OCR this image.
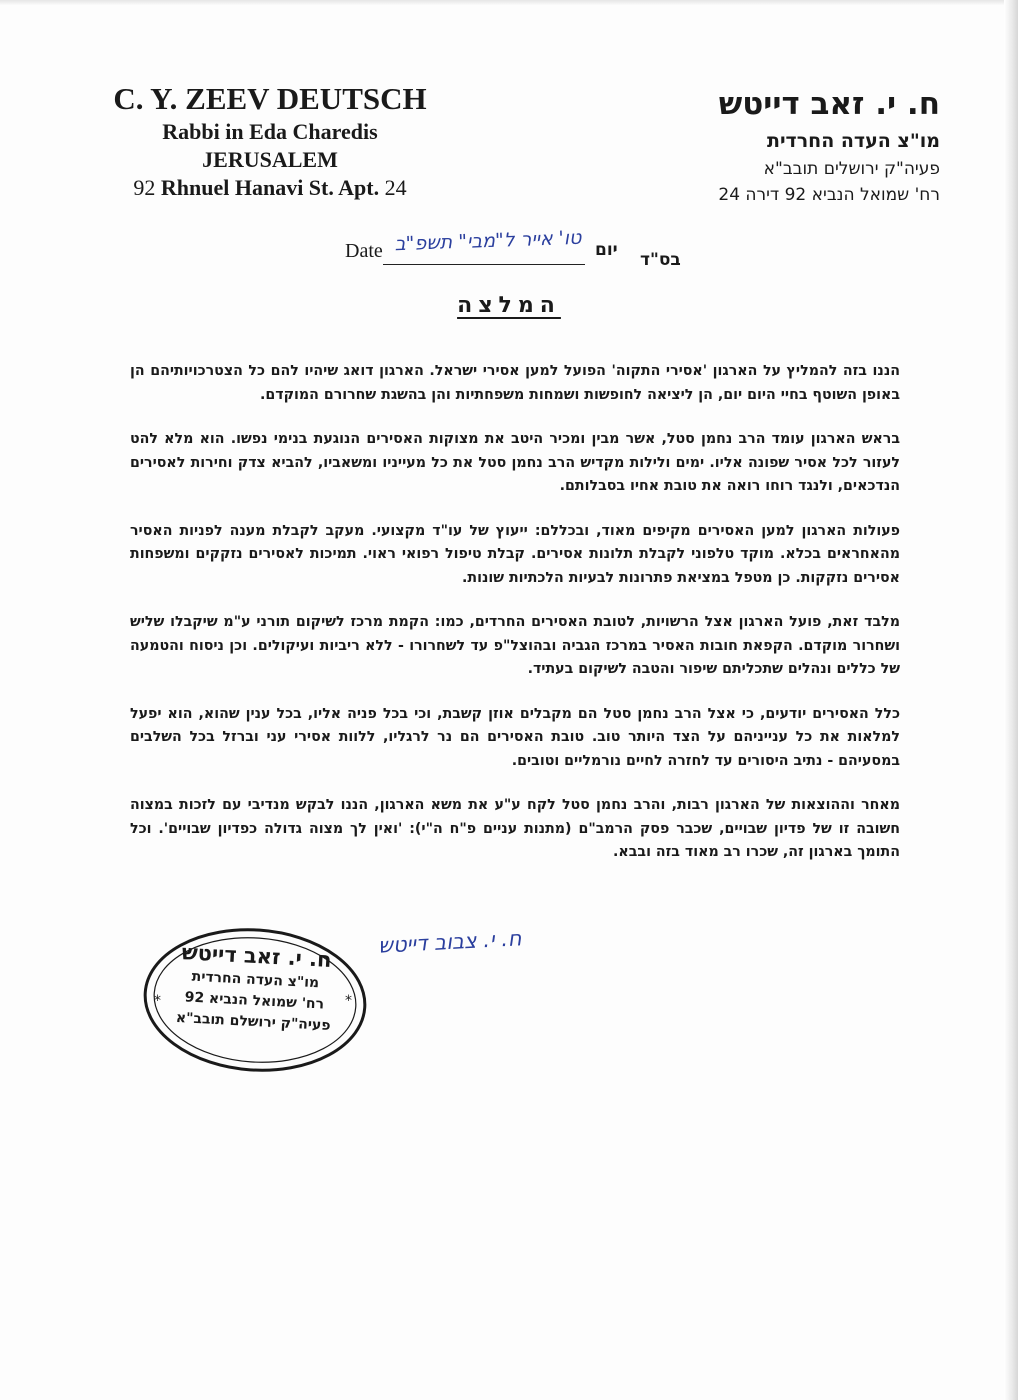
C. Y. ZEEV DEUTSCH
Rabbi in Eda Charedis
JERUSALEM
92 Rhnuel Hanavi St. Apt. 24
ח. י. זאב דייטש
מו"צ העדה החרדית
פעיה"ק ירושלים תובב"א
רח' שמואל הנביא 92 דירה 24
Date טו' אייר ל"מבי" תשפ"ב יום בס"ד
המלצה

הננו בזה להמליץ על הארגון 'אסירי התקוה' הפועל למען אסירי ישראל. הארגון דואג שיהיו להם כל הצטרכויותיהם הן באופן השוטף בחיי היום יום, הן ליציאה לחופשות ושמחות משפחתיות והן בהשגת שחרורם המוקדם.

בראש הארגון עומד הרב נחמן סטל, אשר מבין ומכיר היטב את מצוקות האסירים הנוגעת בנימי נפשו. הוא מלא להט לעזור לכל אסיר שפונה אליו. ימים ולילות מקדיש הרב נחמן סטל את כל מעייניו ומשאביו, להביא צדק וחירות לאסירים הנדכאים, ולנגד רוחו רואה את טובת אחיו בסבלותם.

פעולות הארגון למען האסירים מקיפים מאוד, ובכללם: ייעוץ של עו"ד מקצועי. מעקב לקבלת מענה לפניות האסיר מהאחראים בכלא. מוקד טלפוני לקבלת תלונות אסירים. קבלת טיפול רפואי ראוי. תמיכות לאסירים נזקקים ומשפחות אסירים נזקקות. כן מטפל במציאת פתרונות לבעיות הלכתיות שונות.

מלבד זאת, פועל הארגון אצל הרשויות, לטובת האסירים החרדים, כמו: הקמת מרכז לשיקום תורני ע"מ שיקבלו שליש ושחרור מוקדם. הקפאת חובות האסיר במרכז הגביה ובהוצל"פ עד לשחרורו - ללא ריביות ועיקולים. וכן ניסוח והטמעה של כללים ונהלים שתכליתם שיפור והטבה לשיקום בעתיד.

כלל האסירים יודעים, כי אצל הרב נחמן סטל הם מקבלים אוזן קשבת, וכי בכל פניה אליו, בכל ענין שהוא, הוא יפעל למלאות את כל ענייניהם על הצד היותר טוב. טובת האסירים הם נר לרגליו, ללוות אסירי עני וברזל בכל השלבים במסעיהם - נתיב היסורים עד לחזרה לחיים נורמליים וטובים.

מאחר וההוצאות של הארגון רבות, והרב נחמן סטל לקח ע"ע את משא הארגון, הננו לבקש מנדיבי עם לזכות במצוה חשובה זו של פדיון שבויים, שכבר פסק הרמב"ם (מתנות עניים פ"ח ה"י): 'ואין לך מצוה גדולה כפדיון שבויים'. וכל התומך בארגון זה, שכרו רב מאוד בזה ובבא.

*	*
ח. י. זאב דייטש
מו"צ העדה החרדית
רח' שמואל הנביא 92
פעיה"ק ירושלם תובב"א
ח. י. צבוב דייטש
